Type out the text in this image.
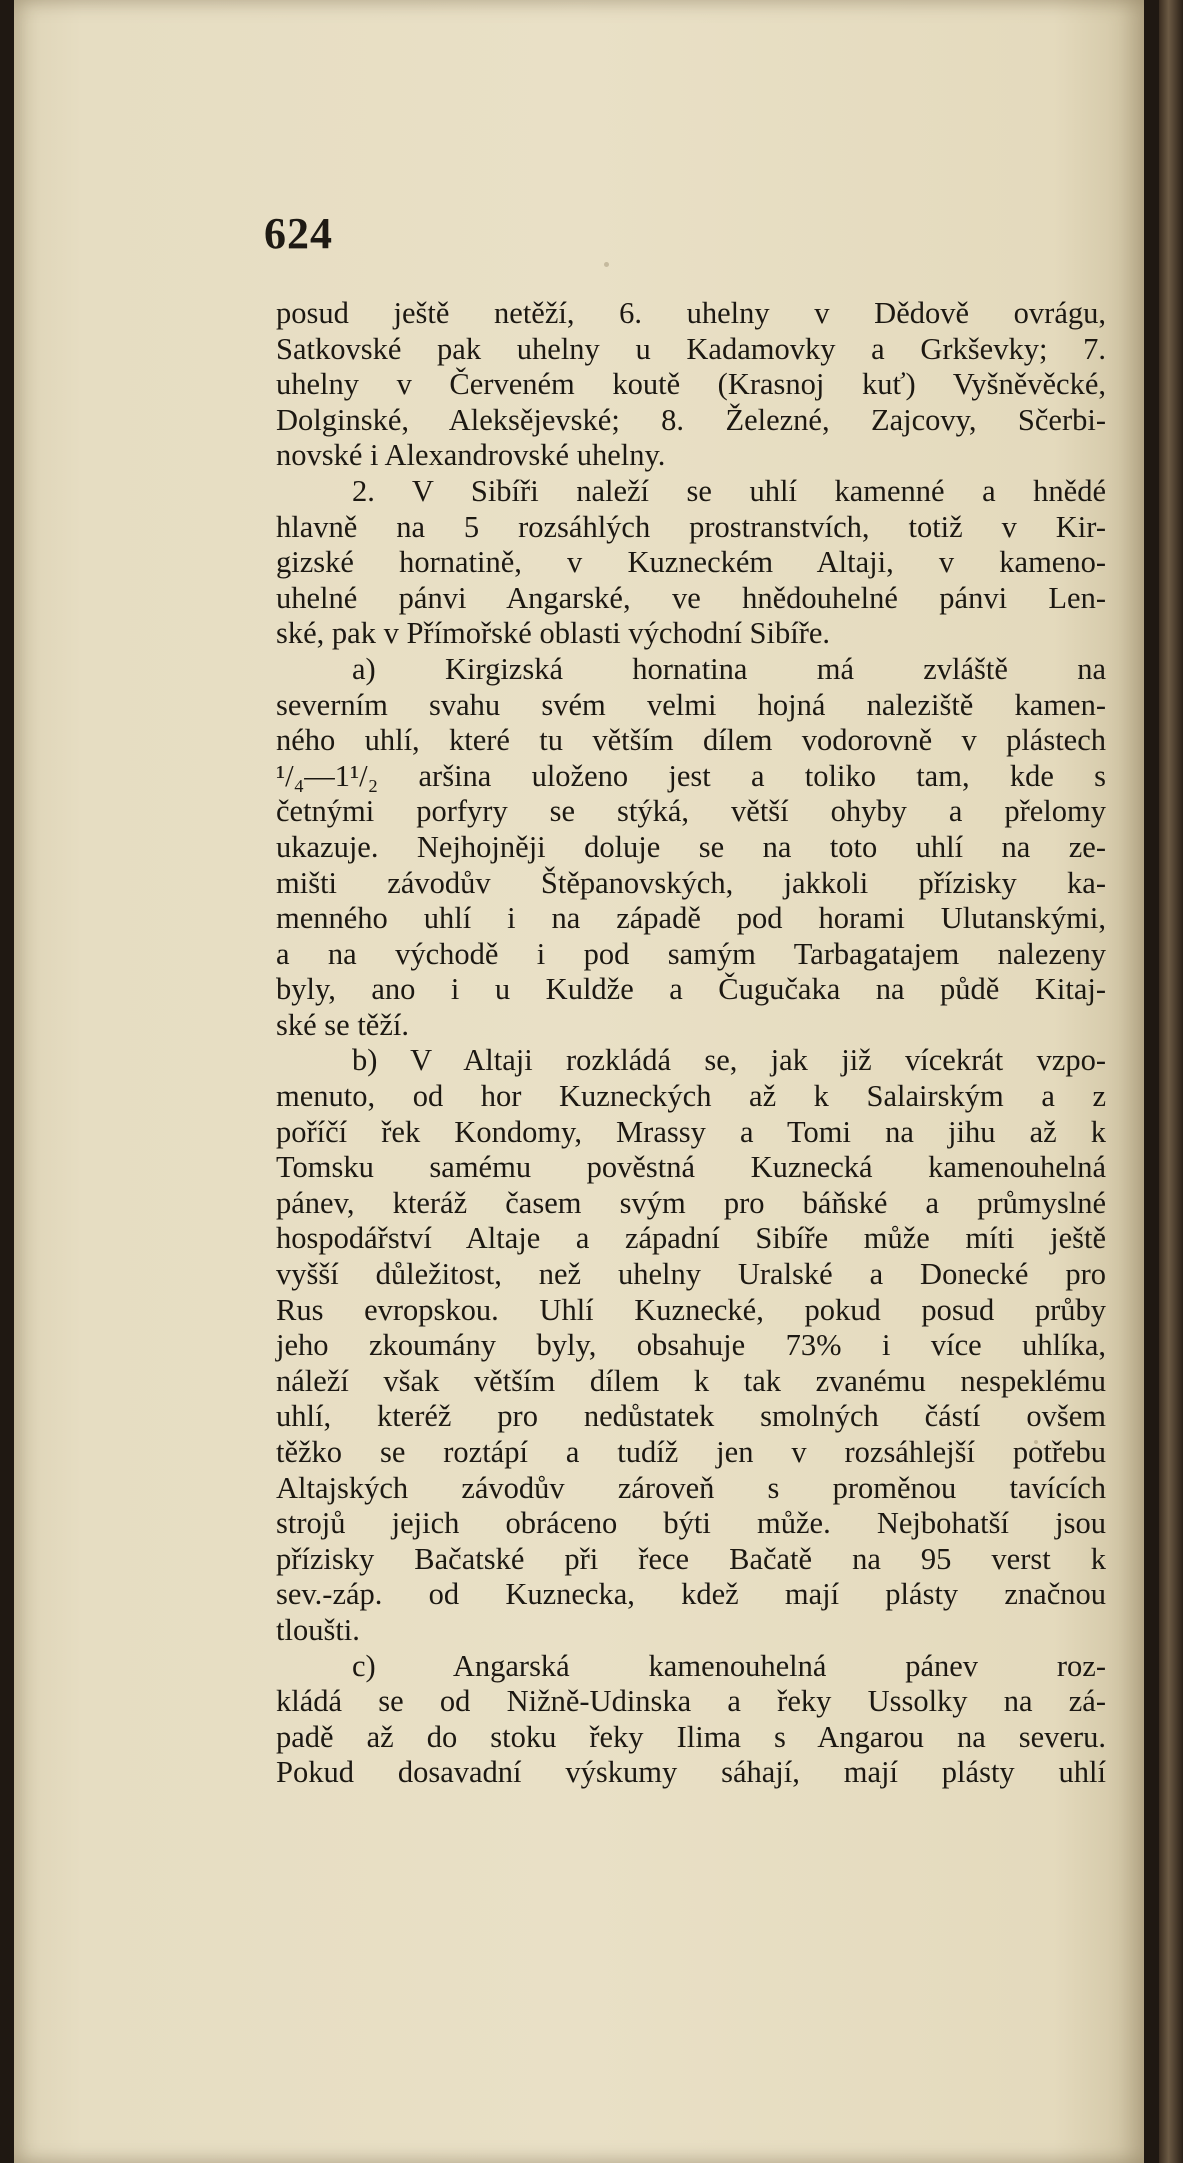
624
posud ještě netěží, 6. uhelny v Dědově ovrágu,
Satkovské pak uhelny u Kadamovky a Grkševky; 7.
uhelny v Červeném koutě (Krasnoj kuť) Vyšněvěcké,
Dolginské, Aleksějevské; 8. Železné, Zajcovy, Sčerbi-
novské i Alexandrovské uhelny.
2. V Sibíři naleží se uhlí kamenné a hnědé
hlavně na 5 rozsáhlých prostranstvích, totiž v Kir-
gizské hornatině, v Kuzneckém Altaji, v kameno-
uhelné pánvi Angarské, ve hnědouhelné pánvi Len-
ské, pak v Přímořské oblasti východní Sibíře.
a) Kirgizská hornatina má zvláště na
severním svahu svém velmi hojná naleziště kamen-
ného uhlí, které tu větším dílem vodorovně v plástech
¹/₄—1¹/₂ aršina uloženo jest a toliko tam, kde s
četnými porfyry se stýká, větší ohyby a přelomy
ukazuje. Nejhojněji doluje se na toto uhlí na ze-
mišti závodův Štěpanovských, jakkoli přízisky ka-
menného uhlí i na západě pod horami Ulutanskými,
a na východě i pod samým Tarbagatajem nalezeny
byly, ano i u Kuldže a Čugučaka na půdě Kitaj-
ské se těží.
b) V Altaji rozkládá se, jak již vícekrát vzpo-
menuto, od hor Kuzneckých až k Salairským a z
poříčí řek Kondomy, Mrassy a Tomi na jihu až k
Tomsku samému pověstná Kuznecká kamenouhelná
pánev, kteráž časem svým pro báňské a průmyslné
hospodářství Altaje a západní Sibíře může míti ještě
vyšší důležitost, než uhelny Uralské a Donecké pro
Rus evropskou. Uhlí Kuznecké, pokud posud průby
jeho zkoumány byly, obsahuje 73% i více uhlíka,
náleží však větším dílem k tak zvanému nespeklému
uhlí, kteréž pro nedůstatek smolných částí ovšem
těžko se roztápí a tudíž jen v rozsáhlejší potřebu
Altajských závodův zároveň s proměnou tavících
strojů jejich obráceno býti může. Nejbohatší jsou
přízisky Bačatské při řece Bačatě na 95 verst k
sev.-záp. od Kuznecka, kdež mají plásty značnou
tloušti.
c) Angarská kamenouhelná pánev roz-
kládá se od Nižně-Udinska a řeky Ussolky na zá-
padě až do stoku řeky Ilima s Angarou na severu.
Pokud dosavadní výskumy sáhají, mají plásty uhlí
